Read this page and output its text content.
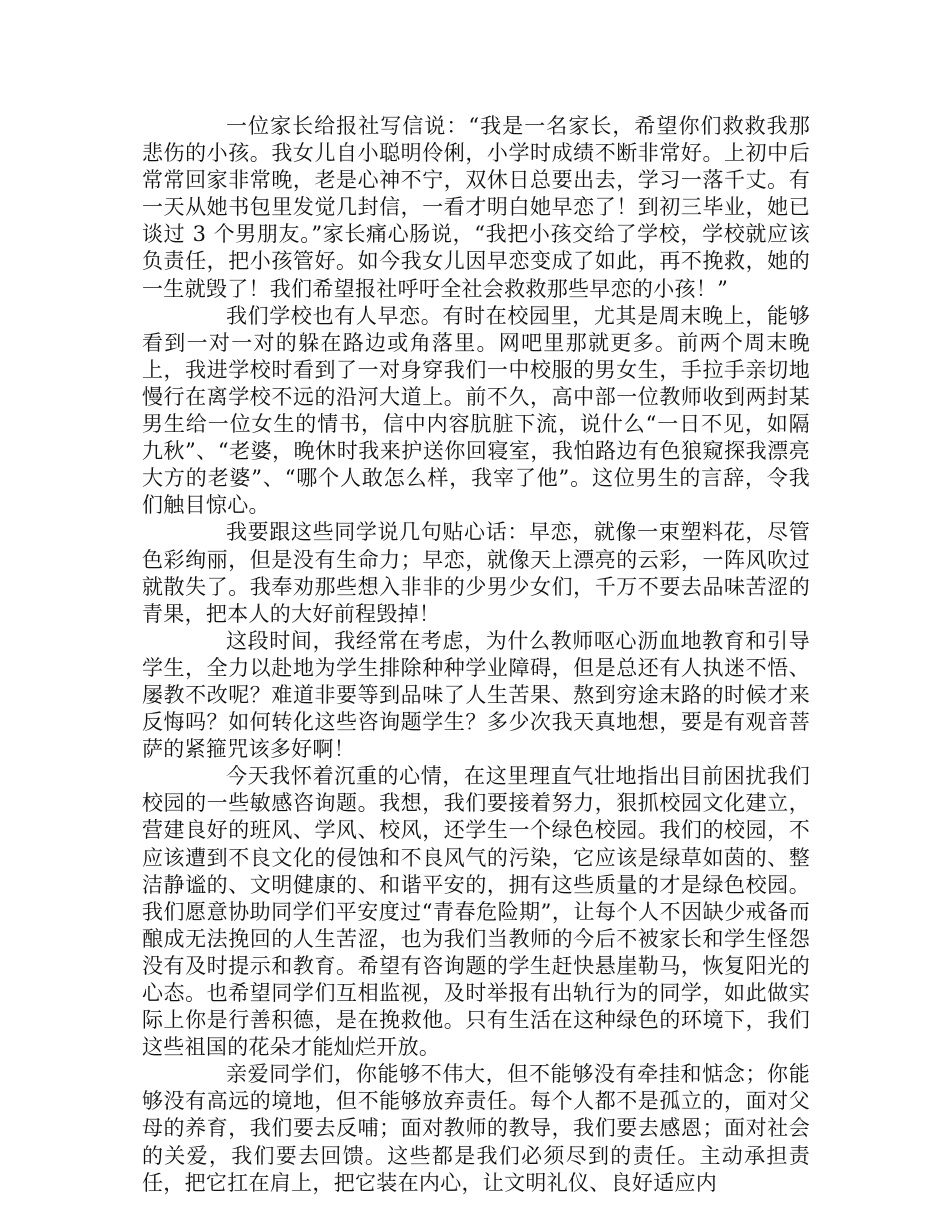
一位家长给报社写信说：“我是一名家长，希望你们救救我那悲伤的小孩。我女儿自小聪明伶俐，小学时成绩不断非常好。上初中后常常回家非常晚，老是心神不宁，双休日总要出去，学习一落千丈。有一天从她书包里发觉几封信，一看才明白她早恋了！到初三毕业，她已谈过 3 个男朋友。”家长痛心肠说，“我把小孩交给了学校，学校就应该负责任，把小孩管好。如今我女儿因早恋变成了如此，再不挽救，她的一生就毁了！我们希望报社呼吁全社会救救那些早恋的小孩！”

我们学校也有人早恋。有时在校园里，尤其是周末晚上，能够看到一对一对的躲在路边或角落里。网吧里那就更多。前两个周末晚上，我进学校时看到了一对身穿我们一中校服的男女生，手拉手亲切地慢行在离学校不远的沿河大道上。前不久，高中部一位教师收到两封某男生给一位女生的情书，信中内容肮脏下流，说什么“一日不见，如隔九秋”、“老婆，晚休时我来护送你回寝室，我怕路边有色狼窥探我漂亮大方的老婆”、“哪个人敢怎么样，我宰了他”。这位男生的言辞，令我们触目惊心。

我要跟这些同学说几句贴心话：早恋，就像一束塑料花，尽管色彩绚丽，但是没有生命力；早恋，就像天上漂亮的云彩，一阵风吹过就散失了。我奉劝那些想入非非的少男少女们，千万不要去品味苦涩的青果，把本人的大好前程毁掉！

这段时间，我经常在考虑，为什么教师呕心沥血地教育和引导学生，全力以赴地为学生排除种种学业障碍，但是总还有人执迷不悟、屡教不改呢？难道非要等到品味了人生苦果、熬到穷途末路的时候才来反悔吗？如何转化这些咨询题学生？多少次我天真地想，要是有观音菩萨的紧箍咒该多好啊！

今天我怀着沉重的心情，在这里理直气壮地指出目前困扰我们校园的一些敏感咨询题。我想，我们要接着努力，狠抓校园文化建立，营建良好的班风、学风、校风，还学生一个绿色校园。我们的校园，不应该遭到不良文化的侵蚀和不良风气的污染，它应该是绿草如茵的、整洁静谧的、文明健康的、和谐平安的，拥有这些质量的才是绿色校园。我们愿意协助同学们平安度过“青春危险期”，让每个人不因缺少戒备而酿成无法挽回的人生苦涩，也为我们当教师的今后不被家长和学生怪怨没有及时提示和教育。希望有咨询题的学生赶快悬崖勒马，恢复阳光的心态。也希望同学们互相监视，及时举报有出轨行为的同学，如此做实际上你是行善积德，是在挽救他。只有生活在这种绿色的环境下，我们这些祖国的花朵才能灿烂开放。

亲爱同学们，你能够不伟大，但不能够没有牵挂和惦念；你能够没有高远的境地，但不能够放弃责任。每个人都不是孤立的，面对父母的养育，我们要去反哺；面对教师的教导，我们要去感恩；面对社会的关爱，我们要去回馈。这些都是我们必须尽到的责任。主动承担责任，把它扛在肩上，把它装在内心，让文明礼仪、良好适应内
